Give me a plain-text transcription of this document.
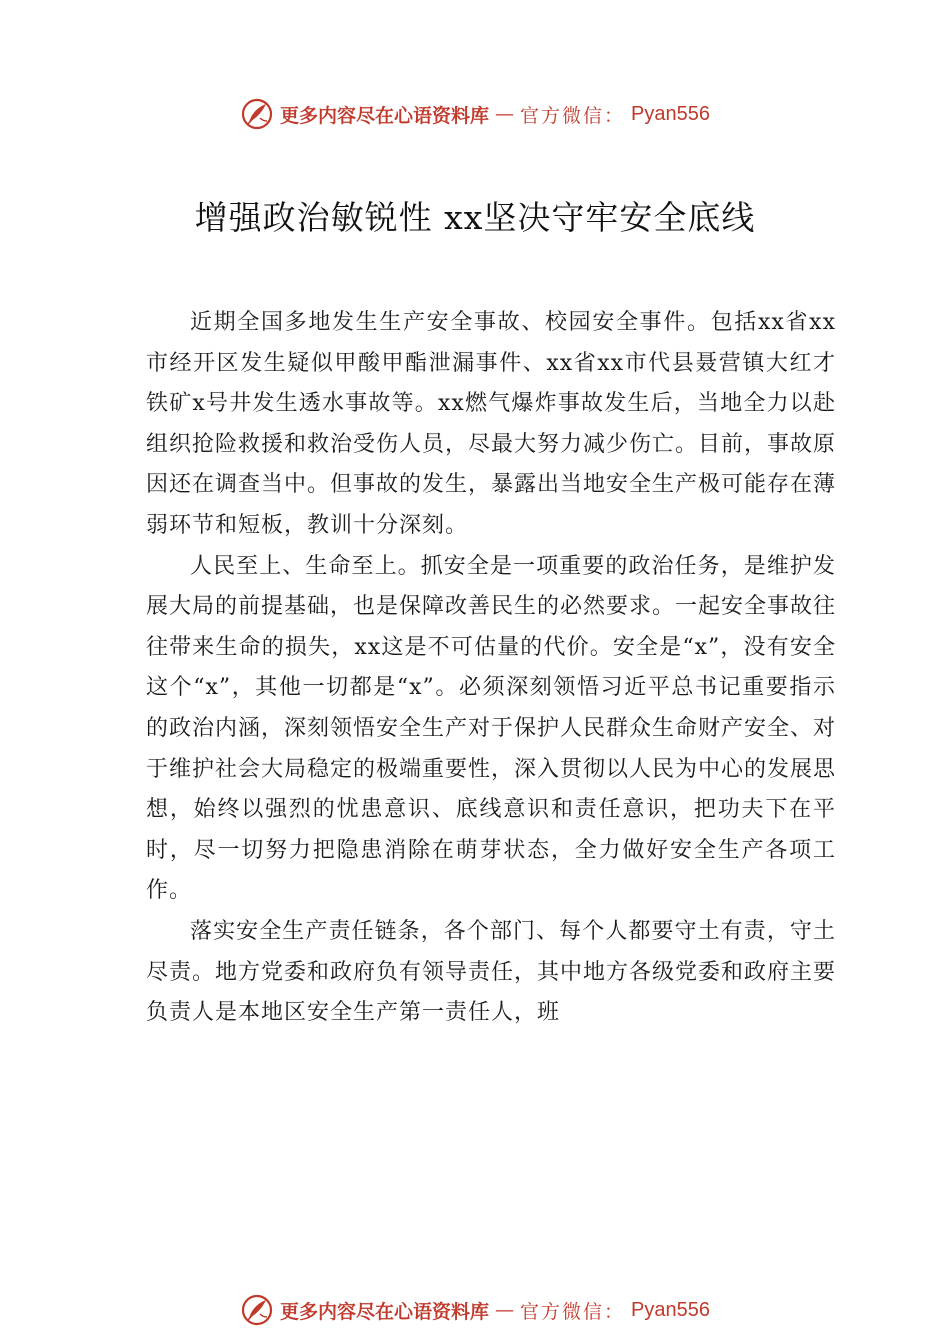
更多内容尽在心语资料库 — 官方微信： Pyan556
增强政治敏锐性 xx坚决守牢安全底线

近期全国多地发生生产安全事故、校园安全事件。包括xx省xx市经开区发生疑似甲酸甲酯泄漏事件、xx省xx市代县聂营镇大红才铁矿x号井发生透水事故等。xx燃气爆炸事故发生后，当地全力以赴组织抢险救援和救治受伤人员，尽最大努力减少伤亡。目前，事故原因还在调查当中。但事故的发生，暴露出当地安全生产极可能存在薄弱环节和短板，教训十分深刻。

人民至上、生命至上。抓安全是一项重要的政治任务，是维护发展大局的前提基础，也是保障改善民生的必然要求。一起安全事故往往带来生命的损失，xx这是不可估量的代价。安全是“x”，没有安全这个“x”，其他一切都是“x”。必须深刻领悟习近平总书记重要指示的政治内涵，深刻领悟安全生产对于保护人民群众生命财产安全、对于维护社会大局稳定的极端重要性，深入贯彻以人民为中心的发展思想，始终以强烈的忧患意识、底线意识和责任意识，把功夫下在平时，尽一切努力把隐患消除在萌芽状态，全力做好安全生产各项工作。

落实安全生产责任链条，各个部门、每个人都要守土有责，守土尽责。地方党委和政府负有领导责任，其中地方各级党委和政府主要负责人是本地区安全生产第一责任人，班

更多内容尽在心语资料库 — 官方微信： Pyan556
